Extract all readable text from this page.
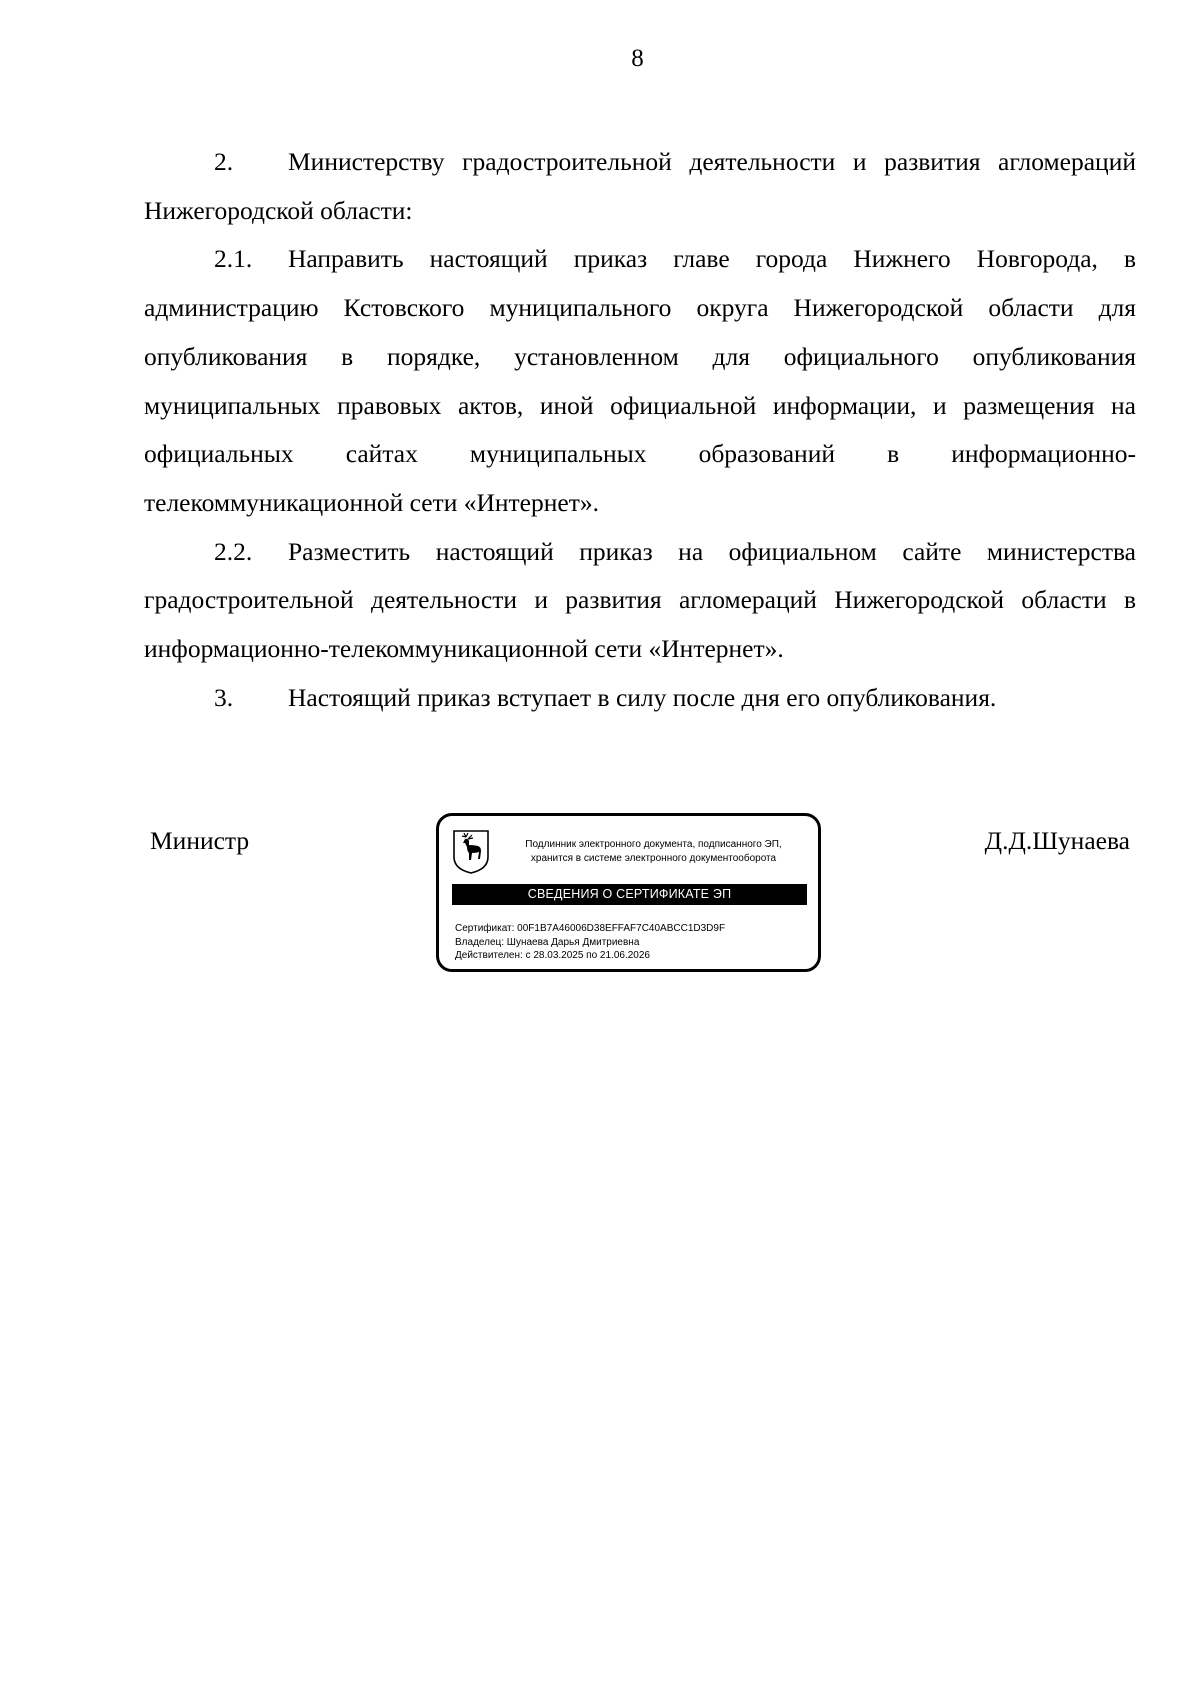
8

2. Министерству градостроительной деятельности и развития агломераций Нижегородской области:

2.1. Направить настоящий приказ главе города Нижнего Новгорода, в администрацию Кстовского муниципального округа Нижегородской области для опубликования в порядке, установленном для официального опубликования муниципальных правовых актов, иной официальной информации, и размещения на официальных сайтах муниципальных образований в информационно-телекоммуникационной сети «Интернет».

2.2. Разместить настоящий приказ на официальном сайте министерства градостроительной деятельности и развития агломераций Нижегородской области в информационно-телекоммуникационной сети «Интернет».

3. Настоящий приказ вступает в силу после дня его опубликования.

Министр	Д.Д.Шунаева
Подлинник электронного документа, подписанного ЭП,
хранится в системе электронного документооборота
СВЕДЕНИЯ О СЕРТИФИКАТЕ ЭП
Сертификат: 00F1B7A46006D38EFFAF7C40ABCC1D3D9F
Владелец: Шунаева Дарья Дмитриевна
Действителен: с 28.03.2025 по 21.06.2026
